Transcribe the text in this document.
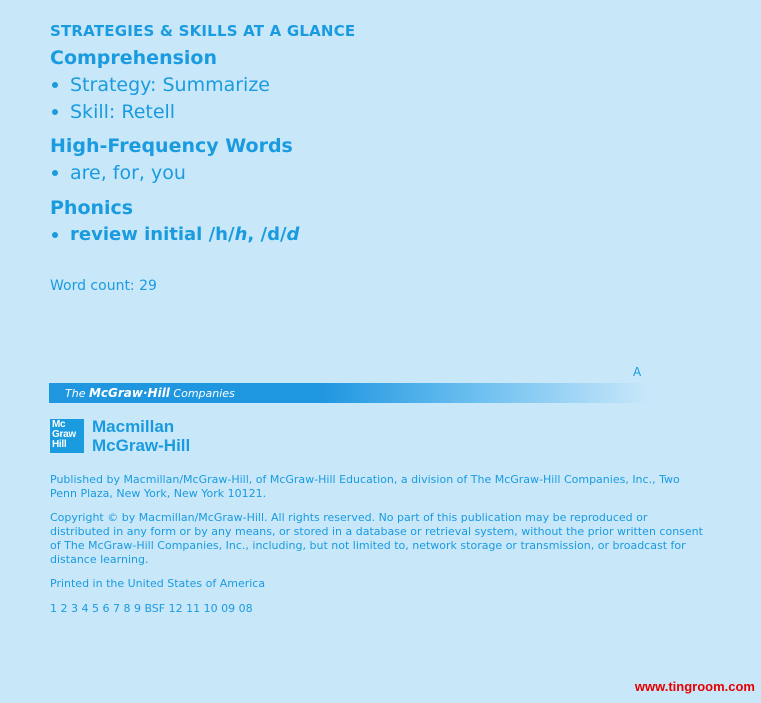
STRATEGIES & SKILLS AT A GLANCE
Comprehension
Strategy: Summarize
Skill: Retell
High-Frequency Words
are, for, you
Phonics
review initial /h/h, /d/d
Word count: 29
A
The McGraw·Hill Companies
Mc
Graw
Hill
Macmillan
McGraw-Hill
Published by Macmillan/McGraw-Hill, of McGraw-Hill Education, a division of The McGraw-Hill Companies, Inc., Two Penn Plaza, New York, New York 10121.
Copyright © by Macmillan/McGraw-Hill. All rights reserved. No part of this publication may be reproduced or distributed in any form or by any means, or stored in a database or retrieval system, without the prior written consent of The McGraw-Hill Companies, Inc., including, but not limited to, network storage or transmission, or broadcast for distance learning.
Printed in the United States of America
1 2 3 4 5 6 7 8 9 BSF 12 11 10 09 08
www.tingroom.com
